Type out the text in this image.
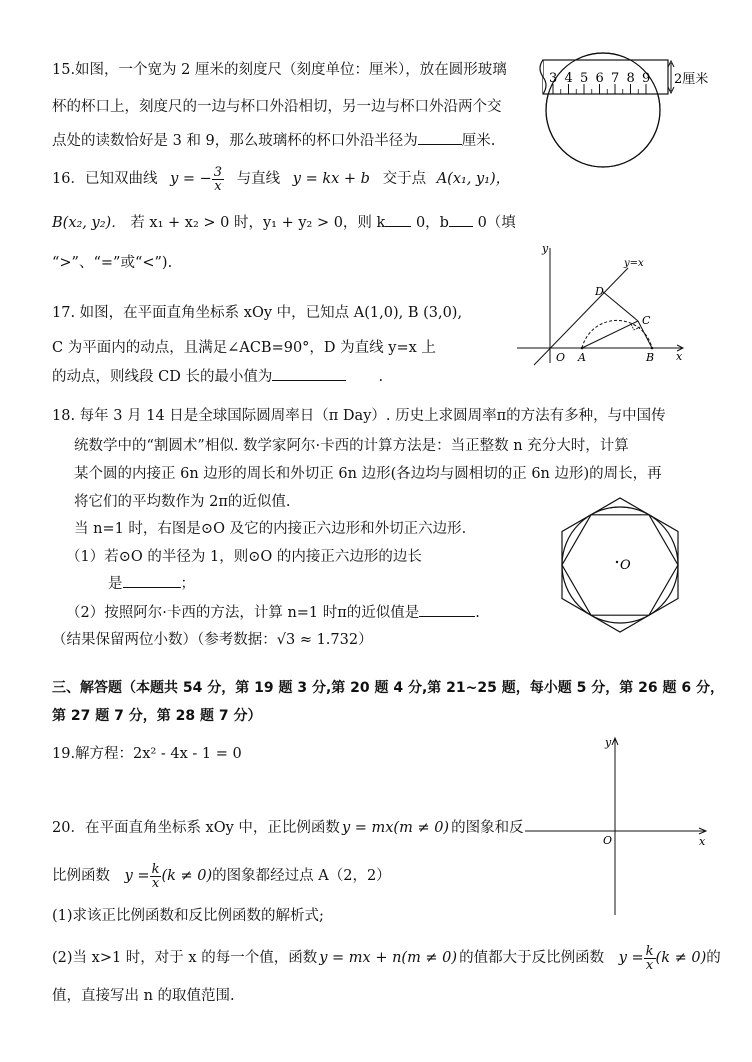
15.如图，一个宽为 2 厘米的刻度尺（刻度单位：厘米），放在圆形玻璃
杯的杯口上，刻度尺的一边与杯口外沿相切，另一边与杯口外沿两个交
点处的读数恰好是 3 和 9，那么玻璃杯的杯口外沿半径为	厘米.
3 4 5 6 7 8 9 2厘米
16．已知双曲线 y = − $\frac{3}{x}$ 与直线 y = kx + b 交于点 A(x₁, y₁)，
B(x₂, y₂)． 若 x₁ + x₂ > 0 时，y₁ + y₂ > 0，则 k 0，b 0（填
“>”、“=”或“<”).
17. 如图，在平面直角坐标系 xOy 中，已知点 A(1,0), B (3,0),
C 为平面内的动点，且满足∠ACB=90°，D 为直线 y=x 上
的动点，则线段 CD 长的最小值为	.
y
y=x
D
C
O A	B x
18. 每年 3 月 14 日是全球国际圆周率日（π Day）. 历史上求圆周率π的方法有多种，与中国传
统数学中的“割圆术”相似. 数学家阿尔·卡西的计算方法是：当正整数 n 充分大时，计算
某个圆的内接正 6n 边形的周长和外切正 6n 边形(各边均与圆相切的正 6n 边形)的周长，再
将它们的平均数作为 2π的近似值.
当 n=1 时，右图是⊙O 及它的内接正六边形和外切正六边形.
（1）若⊙O 的半径为 1，则⊙O 的内接正六边形的边长
是	；
（2）按照阿尔·卡西的方法，计算 n=1 时π的近似值是	.
（结果保留两位小数）（参考数据：√3 ≈ 1.732）
O
三、解答题（本题共 54 分，第 19 题 3 分,第 20 题 4 分,第 21~25 题，每小题 5 分，第 26 题 6 分，
第 27 题 7 分，第 28 题 7 分）
19.解方程：2x² - 4x - 1 = 0
20．在平面直角坐标系 xOy 中，正比例函数 y = mx(m ≠ 0) 的图象和反
比例函数 $y = \frac{k}{x} (k \ne 0)$的图象都经过点 A（2，2）
(1)求该正比例函数和反比例函数的解析式;
(2)当 x>1 时，对于 x 的每一个值，函数 y = mx + n(m ≠ 0) 的值都大于反比例函数 $y = \frac{k}{x} (k \ne 0)$的
值，直接写出 n 的取值范围.
y
O	x
